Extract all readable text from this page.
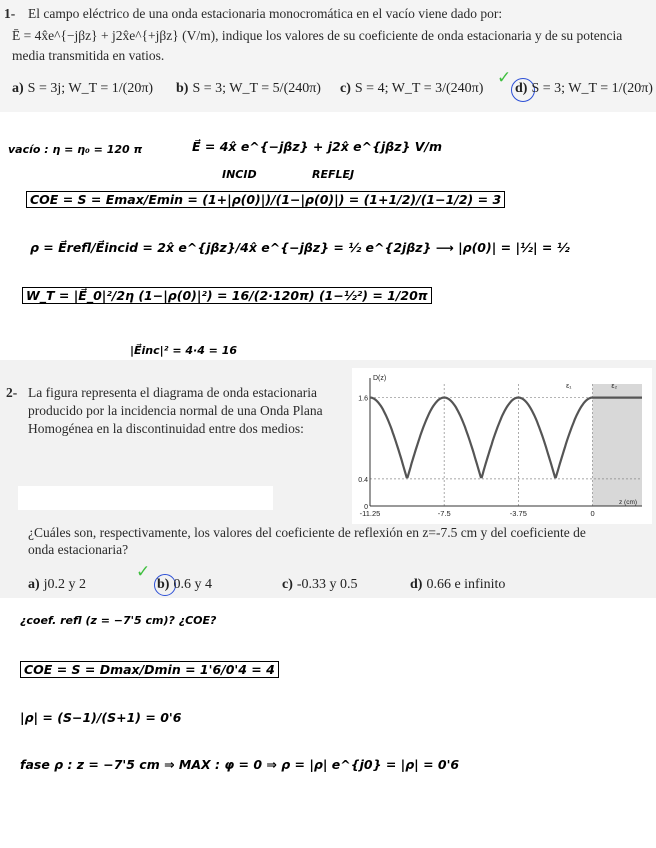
1- El campo eléctrico de una onda estacionaria monocromática en el vacío viene dado por:
Ē = 4x̂e^{−jβz} + j2x̂e^{+jβz} (V/m), indique los valores de su coeficiente de onda estacionaria y de su potencia
media transmitida en vatios.
a) S = 3j; W_T = 1/(20π) b) S = 3; W_T = 5/(240π) c) S = 4; W_T = 3/(240π)
✓
d) S = 3; W_T = 1/(20π)
vacío : η = η₀ = 120 π	E⃗ = 4x̂ e^{−jβz} + j2x̂ e^{jβz} V/m
INCID	REFLEJ
COE = S = Emax/Emin = (1+|ρ(0)|)/(1−|ρ(0)|) = (1+1/2)/(1−1/2) = 3
ρ = E⃗refl/E⃗incid = 2x̂ e^{jβz}/4x̂ e^{−jβz} = ½ e^{2jβz} ⟶ |ρ(0)| = |½| = ½
W_T = |E⃗_0|²/2η (1−|ρ(0)|²) = 16/(2·120π) (1−½²) = 1/20π
|E⃗inc|² = 4·4 = 16
2- La figura representa el diagrama de onda estacionaria
producido por la incidencia normal de una Onda Plana
Homogénea en la discontinuidad entre dos medios:
D(z)
-11.25	-7.5	-3.75	0
z (cm)
0
0.4
1.6
ε₁	ε₂
¿Cuáles son, respectivamente, los valores del coeficiente de reflexión en z=-7.5 cm y del coeficiente de
onda estacionaria?
a) j0.2 y 2
✓
b) 0.6 y 4	c) -0.33 y 0.5	d) 0.66 e infinito
¿coef. refl (z = −7'5 cm)? ¿COE?
COE = S = Dmax/Dmin = 1'6/0'4 = 4
|ρ| = (S−1)/(S+1) = 0'6
fase ρ : z = −7'5 cm ⇒ MAX : φ = 0 ⇒ ρ = |ρ| e^{j0} = |ρ| = 0'6
